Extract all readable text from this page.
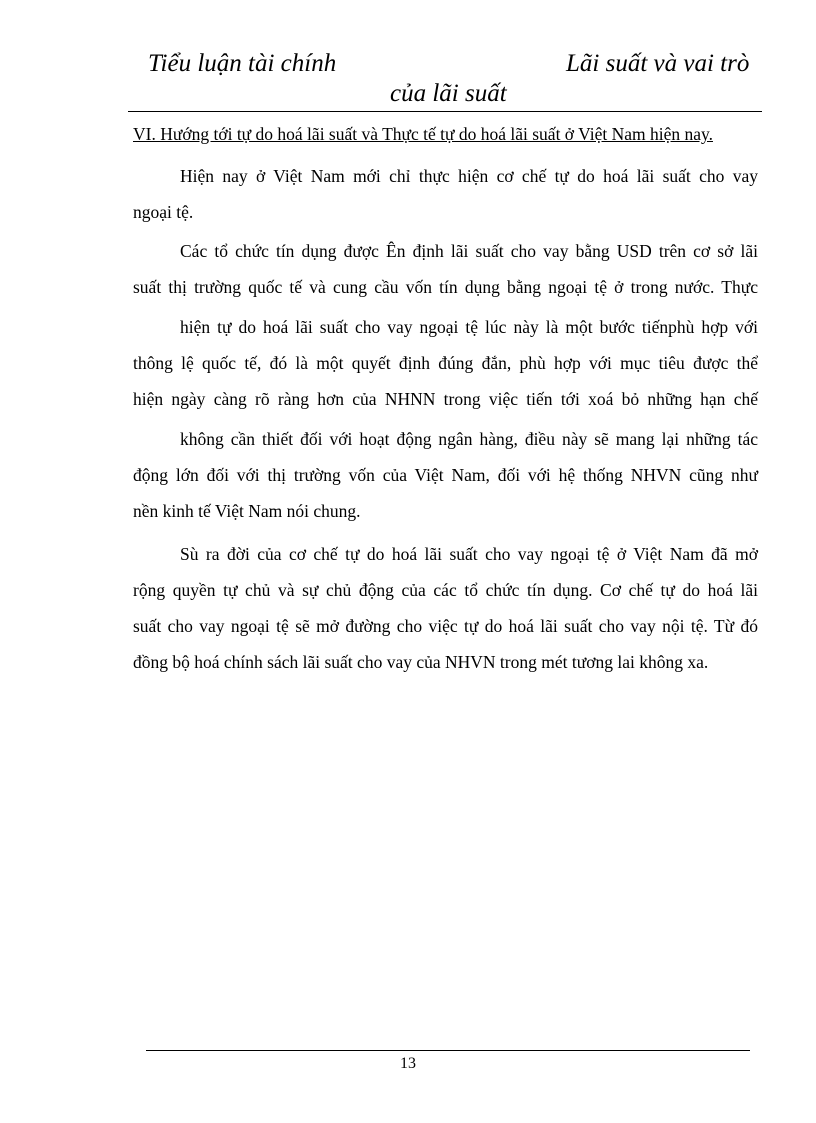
Tiểu luận tài chính	Lãi suất và vai trò
của lãi suất
VI. Hướng tới tự do hoá lãi suất và Thực tế tự do hoá lãi suất ở Việt Nam hiện nay.
Hiện nay ở Việt Nam mới chỉ thực hiện cơ chế tự do hoá lãi suất cho vay
ngoại tệ.
Các tổ chức tín dụng được Ên định lãi suất cho vay bằng USD trên cơ sở lãi
suất thị trường quốc tế và cung cầu vốn tín dụng bằng ngoại tệ ở trong nước. Thực
hiện tự do hoá lãi suất cho vay ngoại tệ lúc này là một bước tiếnphù hợp với
thông lệ quốc tế, đó là một quyết định đúng đắn, phù hợp với mục tiêu được thể
hiện ngày càng rõ ràng hơn của NHNN trong việc tiến tới xoá bỏ những hạn chế
không cần thiết đối với hoạt động ngân hàng, điều này sẽ mang lại những tác
động lớn đối với thị trường vốn của Việt Nam, đối với hệ thống NHVN cũng như
nền kinh tế Việt Nam nói chung.
Sù ra đời của cơ chế tự do hoá lãi suất cho vay ngoại tệ ở Việt Nam đã mở
rộng quyền tự chủ và sự chủ động của các tổ chức tín dụng. Cơ chế tự do hoá lãi
suất cho vay ngoại tệ sẽ mở đường cho việc tự do hoá lãi suất cho vay nội tệ. Từ đó
đồng bộ hoá chính sách lãi suất cho vay của NHVN trong mét tương lai không xa.
13
